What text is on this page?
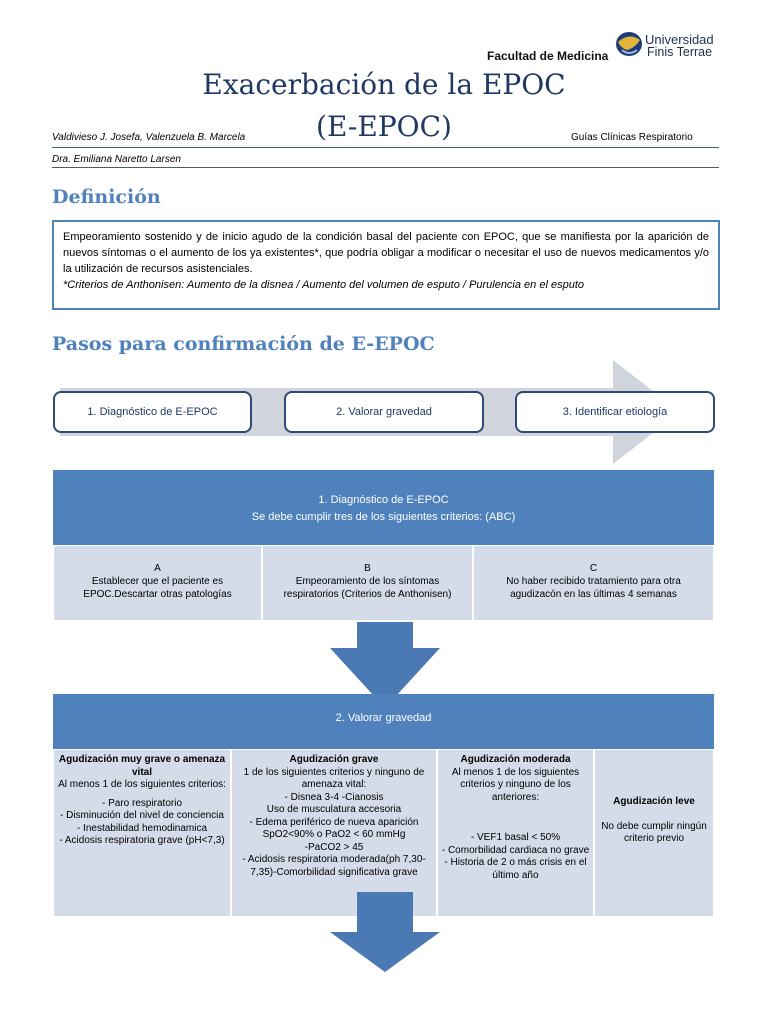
Facultad de Medicina
Universidad
Finis Terrae
Exacerbación de la EPOC
(E-EPOC)
Valdivieso J. Josefa, Valenzuela B. Marcela	Guías Clínicas Respiratorio
Dra. Emiliana Naretto Larsen
Definición

Empeoramiento sostenido y de inicio agudo de la condición basal del paciente con EPOC, que se manifiesta por la aparición de nuevos síntomas o el aumento de los ya existentes*, que podría obligar a modificar o necesitar el uso de nuevos medicamentos y/o la utilización de recursos asistenciales.

*Criterios de Anthonisen: Aumento de la disnea / Aumento del volumen de esputo / Purulencia en el esputo

Pasos para confirmación de E-EPOC
1. Diagnóstico de E-EPOC	2. Valorar gravedad	3. Identificar etiología
1. Diagnóstico de E-EPOC
Se debe cumplir tres de los siguientes criterios: (ABC)
A
Establecer que el paciente es
EPOC.Descartar otras patologías
B
Empeoramiento de los síntomas
respiratorios (Criterios de Anthonisen)
C
No haber recibido tratamiento para otra
agudizacón en las últimas 4 semanas
2. Valorar gravedad
Agudización muy grave o amenaza vital
Al menos 1 de los siguientes criterios:
- Paro respiratorio
- Disminución del nivel de conciencia
- Inestabilidad hemodinamica
- Acidosis respiratoria grave (pH<7,3)
Agudización grave
1 de los siguientes criterios y ninguno de amenaza vital:
- Disnea 3-4 -Cianosis
Uso de musculatura accesoria
- Edema periférico de nueva aparición
SpO2<90% o PaO2 < 60 mmHg
-PaCO2 > 45
- Acidosis respiratoria moderada(ph 7,30-7,35)-Comorbilidad significativa grave
Agudización moderada
Al menos 1 de los siguientes criterios y ninguno de los anteriores:
- VEF1 basal < 50%
- Comorbilidad cardiaca no grave
- Historia de 2 o más crisis en el último año
Agudización leve
No debe cumplir ningún criterio previo
